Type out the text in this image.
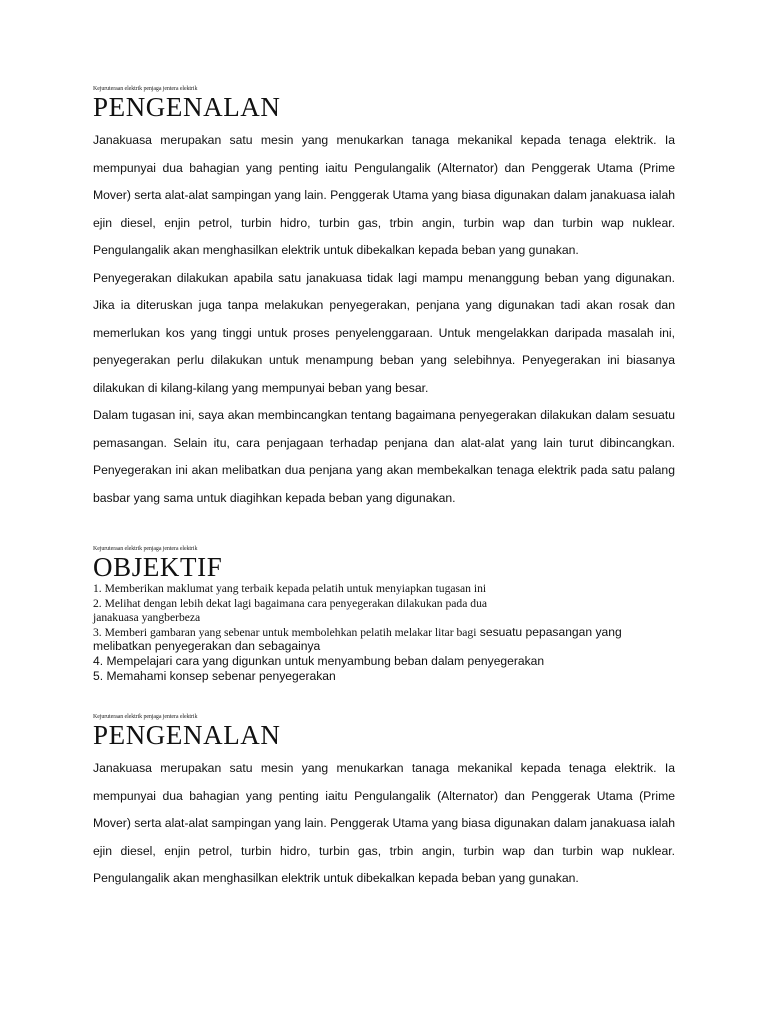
Kejuruteraan elektrik penjaga jentera elektrik

PENGENALAN

Janakuasa merupakan satu mesin yang menukarkan tanaga mekanikal kepada tenaga elektrik. Ia mempunyai dua bahagian yang penting iaitu Pengulangalik (Alternator) dan Penggerak Utama (Prime Mover) serta alat-alat sampingan yang lain. Penggerak Utama yang biasa digunakan dalam janakuasa ialah ejin diesel, enjin petrol, turbin hidro, turbin gas, trbin angin, turbin wap dan turbin wap nuklear. Pengulangalik akan menghasilkan elektrik untuk dibekalkan kepada beban yang gunakan.

Penyegerakan dilakukan apabila satu janakuasa tidak lagi mampu menanggung beban yang digunakan. Jika ia diteruskan juga tanpa melakukan penyegerakan, penjana yang digunakan tadi akan rosak dan memerlukan kos yang tinggi untuk proses penyelenggaraan. Untuk mengelakkan daripada masalah ini, penyegerakan perlu dilakukan untuk menampung beban yang selebihnya. Penyegerakan ini biasanya dilakukan di kilang-kilang yang mempunyai beban yang besar.

Dalam tugasan ini, saya akan membincangkan tentang bagaimana penyegerakan dilakukan dalam sesuatu pemasangan. Selain itu, cara penjagaan terhadap penjana dan alat-alat yang lain turut dibincangkan. Penyegerakan ini akan melibatkan dua penjana yang akan membekalkan tenaga elektrik pada satu palang basbar yang sama untuk diagihkan kepada beban yang digunakan.

Kejuruteraan elektrik penjaga jentera elektrik

OBJEKTIF
1. Memberikan maklumat yang terbaik kepada pelatih untuk menyiapkan tugasan ini
2. Melihat dengan lebih dekat lagi bagaimana cara penyegerakan dilakukan pada dua
janakuasa yangberbeza
3. Memberi gambaran yang sebenar untuk membolehkan pelatih melakar litar bagi sesuatu pepasangan yang melibatkan penyegerakan dan sebagainya
4. Mempelajari cara yang digunkan untuk menyambung beban dalam penyegerakan
5. Memahami konsep sebenar penyegerakan

Kejuruteraan elektrik penjaga jentera elektrik

PENGENALAN

Janakuasa merupakan satu mesin yang menukarkan tanaga mekanikal kepada tenaga elektrik. Ia mempunyai dua bahagian yang penting iaitu Pengulangalik (Alternator) dan Penggerak Utama (Prime Mover) serta alat-alat sampingan yang lain. Penggerak Utama yang biasa digunakan dalam janakuasa ialah ejin diesel, enjin petrol, turbin hidro, turbin gas, trbin angin, turbin wap dan turbin wap nuklear. Pengulangalik akan menghasilkan elektrik untuk dibekalkan kepada beban yang gunakan.
